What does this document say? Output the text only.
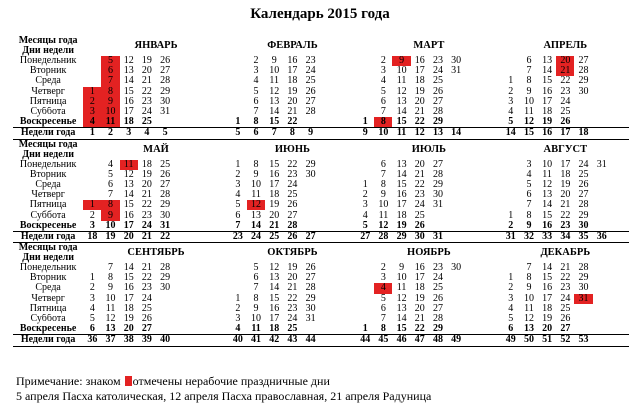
Календарь 2015 года
Месяцы года
Дни недели	ЯНВАРЬ								ФЕВРАЛЬ							МАРТ								АПРЕЛЬ						

Понедельник		5	12	19	26					2	9	16	23				2	9	16	23	30				6	13	20	27		
Вторник		6	13	20	27					3	10	17	24				3	10	17	24	31				7	14	21	28		
Среда		7	14	21	28					4	11	18	25				4	11	18	25				1	8	15	22	29		
Четверг	1	8	15	22	29					5	12	19	26				5	12	19	26				2	9	16	23	30		
Пятница	2	9	16	23	30					6	13	20	27				6	13	20	27				3	10	17	24			
Суббота	3	10	17	24	31					7	14	21	28				7	14	21	28				4	11	18	25			
Воскресенье	4	11	18	25					1	8	15	22				1	8	15	22	29				5	12	19	26			
Недели года	1	2	3	4	5				5	6	7	8	9			9	10	11	12	13	14			14	15	16	17	18		

Месяцы года
Дни недели	МАЙ								ИЮНЬ							ИЮЛЬ								АВГУСТ						

Понедельник		4	11	18	25				1	8	15	22	29				6	13	20	27					3	10	17	24	31	
Вторник		5	12	19	26				2	9	16	23	30				7	14	21	28					4	11	18	25		
Среда		6	13	20	27				3	10	17	24				1	8	15	22	29					5	12	19	26		
Четверг		7	14	21	28				4	11	18	25				2	9	16	23	30					6	13	20	27		
Пятница	1	8	15	22	29				5	12	19	26				3	10	17	24	31					7	14	21	28		
Суббота	2	9	16	23	30				6	13	20	27				4	11	18	25					1	8	15	22	29		
Воскресенье	3	10	17	24	31				7	14	21	28				5	12	19	26					2	9	16	23	30		
Недели года	18	19	20	21	22				23	24	25	26	27			27	28	29	30	31				31	32	33	34	35	36	

Месяцы года
Дни недели	СЕНТЯБРЬ								ОКТЯБРЬ							НОЯБРЬ								ДЕКАБРЬ						

Понедельник		7	14	21	28					5	12	19	26				2	9	16	23	30				7	14	21	28		
Вторник	1	8	15	22	29					6	13	20	27				3	10	17	24				1	8	15	22	29		
Среда	2	9	16	23	30					7	14	21	28				4	11	18	25				2	9	16	23	30		
Четверг	3	10	17	24					1	8	15	22	29				5	12	19	26				3	10	17	24	31		
Пятница	4	11	18	25					2	9	16	23	30				6	13	20	27				4	11	18	25			
Суббота	5	12	19	26					3	10	17	24	31				7	14	21	28				5	12	19	26			
Воскресенье	6	13	20	27					4	11	18	25				1	8	15	22	29				6	13	20	27			
Недели года	36	37	38	39	40				40	41	42	43	44			44	45	46	47	48	49			49	50	51	52	53		
Примечание: знаком отмечены нерабочие праздничные дни
5 апреля Пасха католическая, 12 апреля Пасха православная, 21 апреля Радуница
